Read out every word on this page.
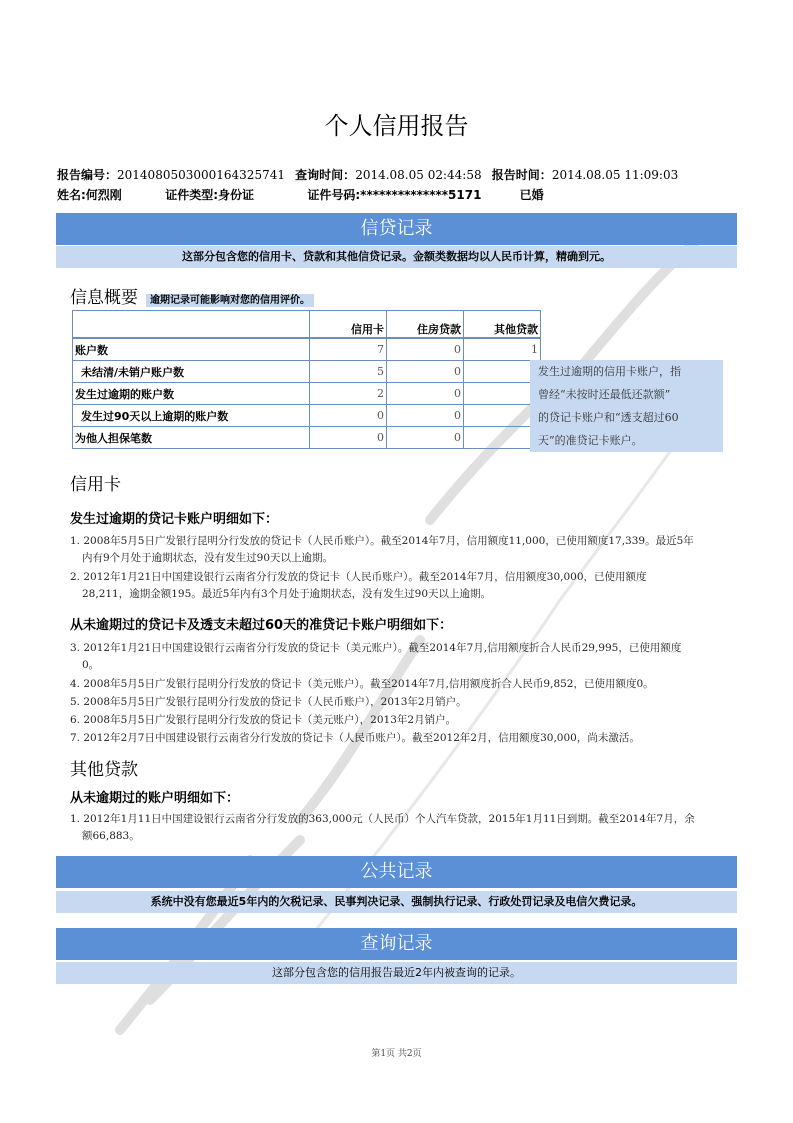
个人信用报告
报告编号：2014080503000164325741 查询时间：2014.08.05 02:44:58 报告时间：2014.08.05 11:09:03
姓名:何烈刚	证件类型:身份证	证件号码:**************5171	已婚
信贷记录
这部分包含您的信用卡、贷款和其他信贷记录。金额类数据均以人民币计算，精确到元。
信息概要 逾期记录可能影响对您的信用评价。
	信用卡	住房贷款	其他贷款
账户数	7	0	1
未结清/未销户账户数	5	0	
发生过逾期的账户数	2	0	
发生过90天以上逾期的账户数	0	0	
为他人担保笔数	0	0	
发生过逾期的信用卡账户，指
曾经“未按时还最低还款额”
的贷记卡账户和“透支超过60
天”的准贷记卡账户。
信用卡
发生过逾期的贷记卡账户明细如下：
1. 2008年5月5日广发银行昆明分行发放的贷记卡（人民币账户）。截至2014年7月，信用额度11,000，已使用额度17,339。最近5年
内有9个月处于逾期状态，没有发生过90天以上逾期。
2. 2012年1月21日中国建设银行云南省分行发放的贷记卡（人民币账户）。截至2014年7月，信用额度30,000，已使用额度
28,211，逾期金额195。最近5年内有3个月处于逾期状态，没有发生过90天以上逾期。
从未逾期过的贷记卡及透支未超过60天的准贷记卡账户明细如下：
3. 2012年1月21日中国建设银行云南省分行发放的贷记卡（美元账户）。截至2014年7月,信用额度折合人民币29,995，已使用额度
0。
4. 2008年5月5日广发银行昆明分行发放的贷记卡（美元账户）。截至2014年7月,信用额度折合人民币9,852，已使用额度0。
5. 2008年5月5日广发银行昆明分行发放的贷记卡（人民币账户），2013年2月销户。
6. 2008年5月5日广发银行昆明分行发放的贷记卡（美元账户），2013年2月销户。
7. 2012年2月7日中国建设银行云南省分行发放的贷记卡（人民币账户）。截至2012年2月，信用额度30,000，尚未激活。
其他贷款
从未逾期过的账户明细如下：
1. 2012年1月11日中国建设银行云南省分行发放的363,000元（人民币）个人汽车贷款，2015年1月11日到期。截至2014年7月，余
额66,883。
公共记录
系统中没有您最近5年内的欠税记录、民事判决记录、强制执行记录、行政处罚记录及电信欠费记录。
查询记录
这部分包含您的信用报告最近2年内被查询的记录。
第1页 共2页
